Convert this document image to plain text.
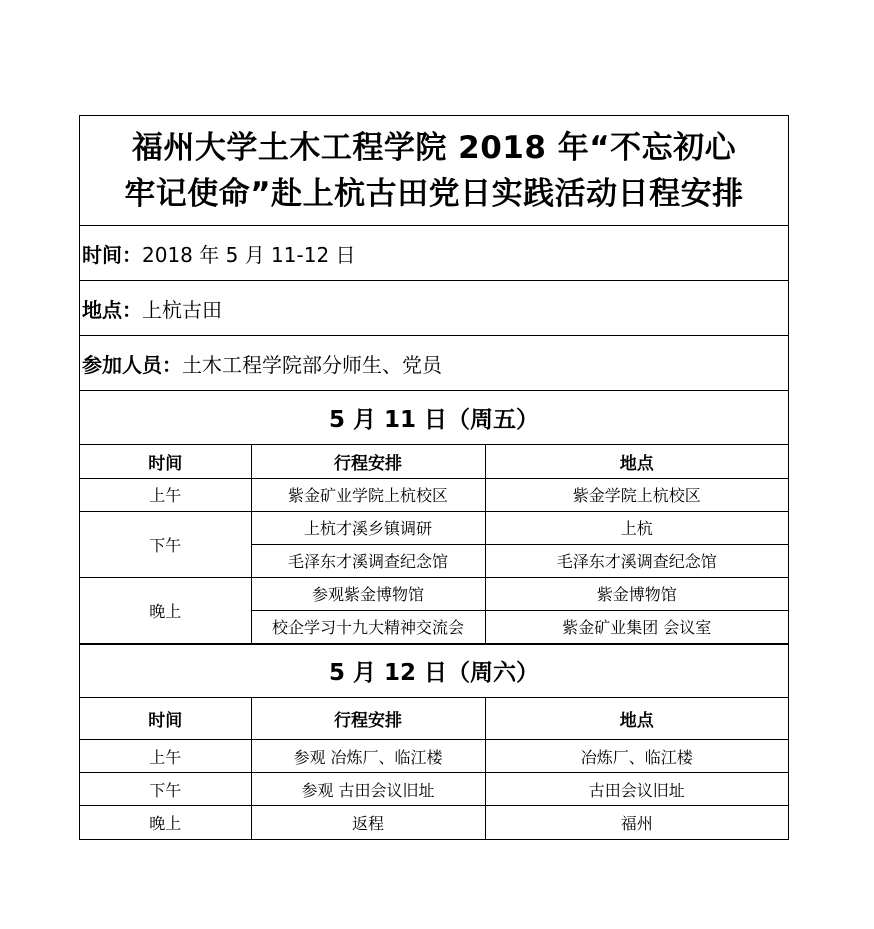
福州大学土木工程学院 2018 年“不忘初心
牢记使命”赴上杭古田党日实践活动日程安排
时间： 2018 年 5 月 11-12 日
地点： 上杭古田
参加人员： 土木工程学院部分师生、党员
5 月 11 日（周五）
时间	行程安排	地点
上午	紫金矿业学院上杭校区	紫金学院上杭校区
下午	上杭才溪乡镇调研	上杭
	毛泽东才溪调查纪念馆	毛泽东才溪调查纪念馆
晚上	参观紫金博物馆	紫金博物馆
	校企学习十九大精神交流会	紫金矿业集团 会议室
5 月 12 日（周六）
时间	行程安排	地点
上午	参观 冶炼厂、临江楼	冶炼厂、临江楼
下午	参观 古田会议旧址	古田会议旧址
晚上	返程	福州
